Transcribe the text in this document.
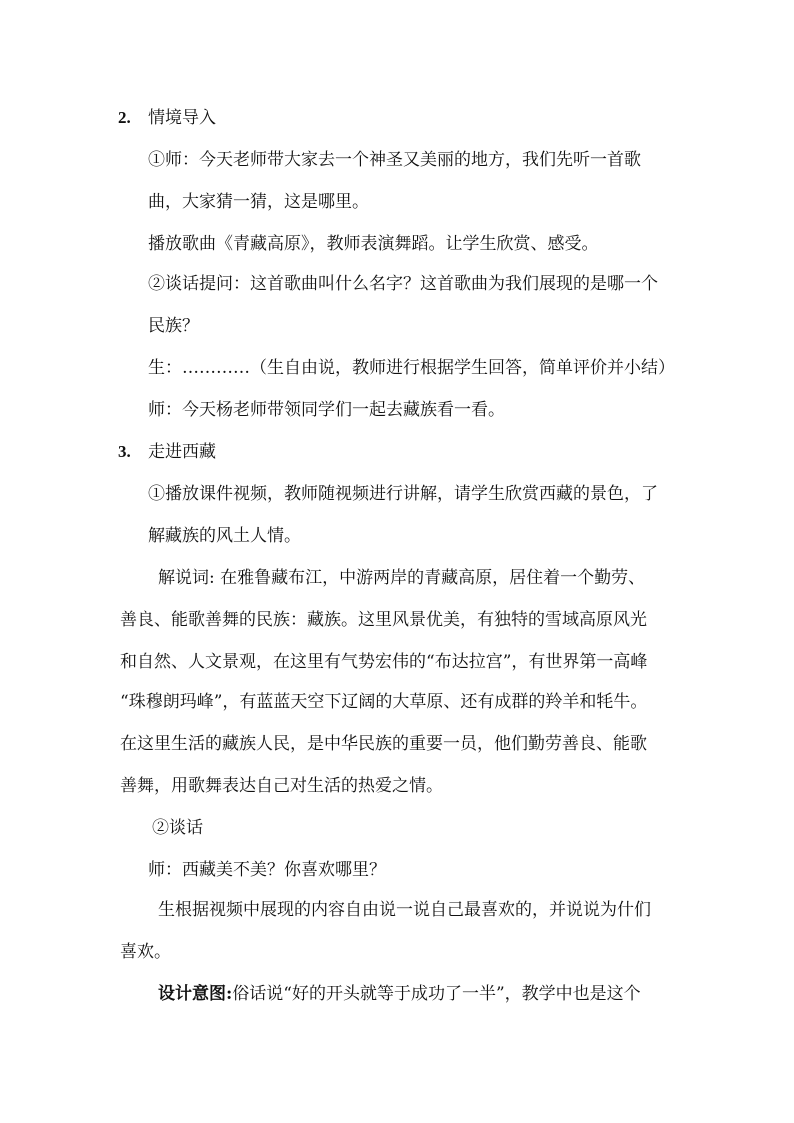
2. 情境导入
①师：今天老师带大家去一个神圣又美丽的地方，我们先听一首歌
曲，大家猜一猜，这是哪里。
播放歌曲《青藏高原》，教师表演舞蹈。让学生欣赏、感受。
②谈话提问：这首歌曲叫什么名字？这首歌曲为我们展现的是哪一个
民族？
生：…………（生自由说，教师进行根据学生回答，简单评价并小结）
师：今天杨老师带领同学们一起去藏族看一看。
3. 走进西藏
①播放课件视频，教师随视频进行讲解，请学生欣赏西藏的景色，了
解藏族的风土人情。
解说词: 在雅鲁藏布江，中游两岸的青藏高原，居住着一个勤劳、
善良、能歌善舞的民族：藏族。这里风景优美，有独特的雪域高原风光
和自然、人文景观，在这里有气势宏伟的“布达拉宫”，有世界第一高峰
“珠穆朗玛峰”，有蓝蓝天空下辽阔的大草原、还有成群的羚羊和牦牛。
在这里生活的藏族人民，是中华民族的重要一员，他们勤劳善良、能歌
善舞，用歌舞表达自己对生活的热爱之情。
②谈话
师：西藏美不美？你喜欢哪里？
生根据视频中展现的内容自由说一说自己最喜欢的，并说说为什们
喜欢。
设计意图:俗话说“好的开头就等于成功了一半”，教学中也是这个
